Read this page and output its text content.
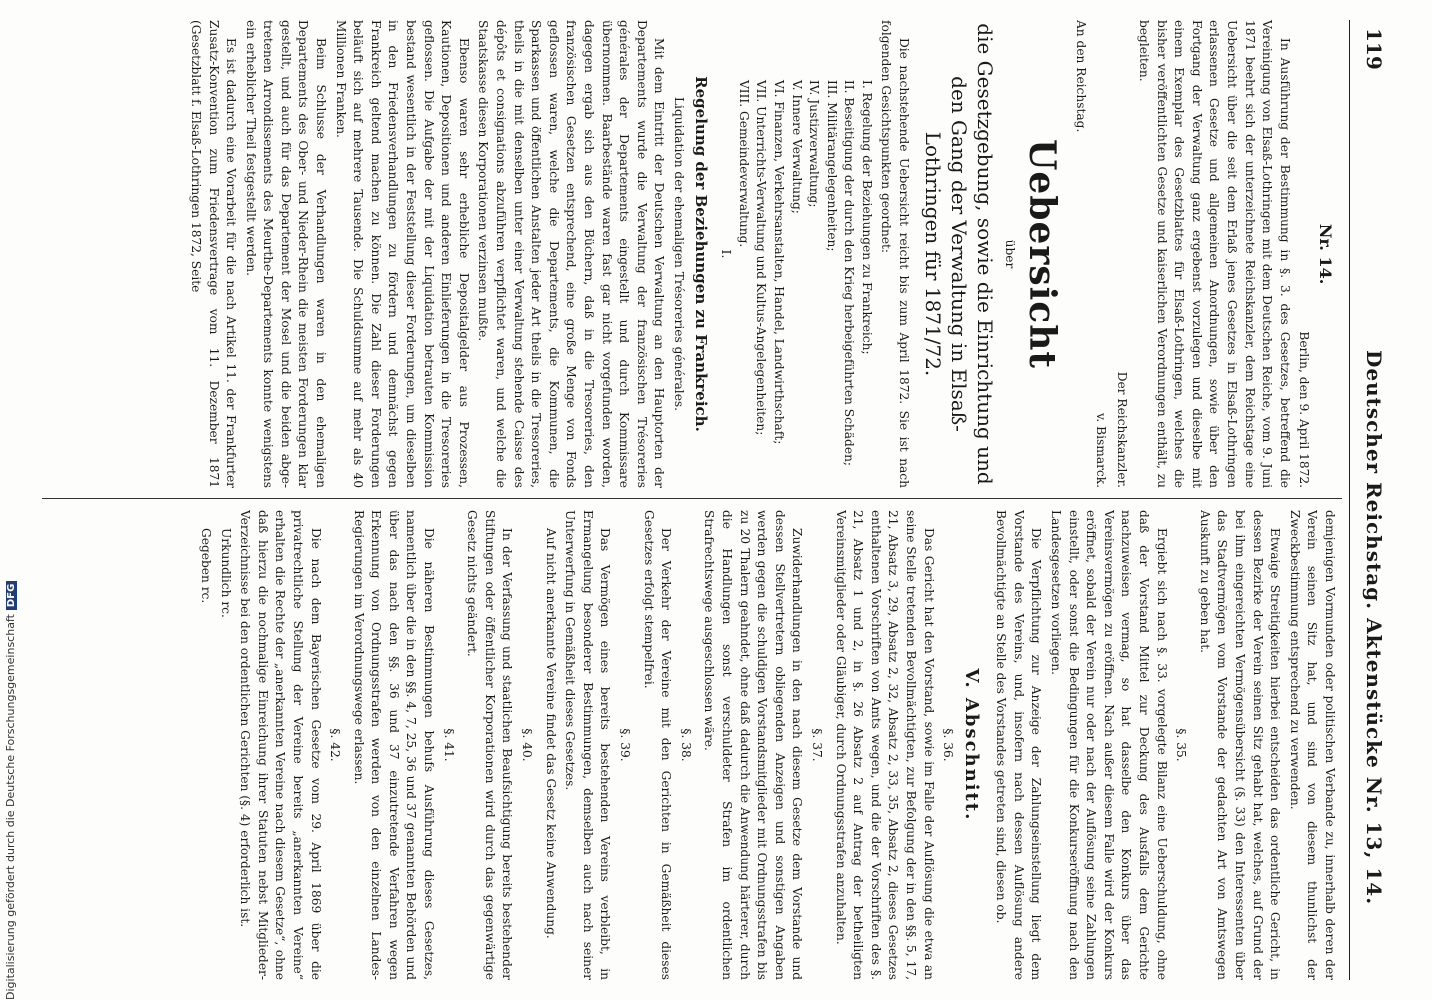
119
Deutscher Reichstag. Aktenstücke Nr. 13, 14.
Nr. 14.

Berlin, den 9. April 1872.

In Ausführung der Bestimmung in §. 3. des Gesetzes, betreffend die Vereinigung von Elsaß-Lothringen mit dem Deutschen Reiche, vom 9. Juni 1871 beehrt sich der unterzeichnete Reichskanzler, dem Reichstage eine Uebersicht über die seit dem Erlaß jenes Gesetzes in Elsaß-Lothringen erlassenen Gesetze und allgemeinen Anordnungen, sowie über den Fortgang der Verwaltung ganz ergebenst vorzulegen und dieselbe mit einem Exemplar des Gesetzblattes für Elsaß-Lothringen, welches die bisher veröffentlichten Gesetze und kaiserlichen Verordnungen enthält, zu begleiten.

Der Reichskanzler.

v. Bismarck.

An den Reichstag.

Uebersicht
über
die Gesetzgebung, sowie die Einrichtung und den Gang der Verwaltung in Elsaß-Lothringen für 1871/72.

Die nachstehende Uebersicht reicht bis zum April 1872. Sie ist nach folgenden Gesichtspunkten geordnet:

I. Regelung der Beziehungen zu Frankreich;
II. Beseitigung der durch den Krieg herbeigeführten Schäden;
III. Militärangelegenheiten;
IV. Justizverwaltung;
V. Innere Verwaltung;
VI. Finanzen, Verkehrsanstalten, Handel, Landwirthschaft;
VII. Unterrichts-Verwaltung und Kultus-Angelegenheiten;
VIII. Gemeindeverwaltung.
I.
Regelung der Beziehungen zu Frankreich.

Liquidation der ehemaligen Trésoreries générales.

Mit dem Eintritt der Deutschen Verwaltung an den Hauptorten der Departements wurde die Verwaltung der französischen Trésoreries générales der Departements eingestellt und durch Kommissare übernommen. Baarbestände waren fast gar nicht vorgefunden worden, dagegen ergab sich aus den Büchern, daß in die Tresoreries, den französischen Gesetzen entsprechend, eine große Menge von Fonds geflossen waren, welche die Departements, die Kommunen, die Sparkassen und öffentlichen Anstalten jeder Art theils in die Tresoreries, theils in die mit denselben unter einer Verwaltung stehende Caisse des dépôts et consignations abzuführen verpflichtet waren, und welche die Staatskasse diesen Korporationen verzinsen mußte.

Ebenso waren sehr erhebliche Depositalgelder aus Prozessen, Kautionen, Depositionen und anderen Einlieferungen in die Tresoreries geflossen. Die Aufgabe der mit der Liquidation betrauten Kommission bestand wesentlich in der Feststellung dieser Forderungen, um dieselben in den Friedensverhandlungen zu fördern und demnächst gegen Frankreich geltend machen zu können. Die Zahl dieser Forderungen beläuft sich auf mehrere Tausende. Die Schuldsumme auf mehr als 40 Millionen Franken.

Beim Schlusse der Verhandlungen waren in den ehemaligen Departements des Ober- und Nieder-Rhein die meisten Forderungen klar gestellt, und auch für das Departement der Mosel und die beiden abgetretenen Arrondissements des Meurthe-Departements konnte wenigstens ein erheblicher Theil festgestellt werden.

Es ist dadurch eine Vorarbeit für die nach Artikel 11. der Frankfurter Zusatz-Konvention zum Friedensvertrage vom 11. Dezember 1871 (Gesetzblatt f. Elsaß-Lothringen 1872, Seite

demjenigen Vormunden oder politischen Verbande zu, innerhalb deren der Verein seinen Sitz hat, und sind von diesem thunlichst der Zweckbestimmung entsprechend zu verwenden.

Etwaige Streitigkeiten hierbei entscheiden das ordentliche Gericht, in dessen Bezirke der Verein seinen Sitz gehabt hat, welches, auf Grund der bei ihm eingereichten Vermögensübersicht (§. 33) den Interessenten über das Stadtvermögen vom Vorstande der gedachten Art von Amtswegen Auskunft zu geben hat.

§. 35.

Ergiebt sich nach §. 33. vorgelegte Bilanz eine Ueberschuldung, ohne daß der Vorstand Mittel zur Deckung des Ausfalls dem Gerichte nachzuweisen vermag, so hat dasselbe den Konkurs über das Vereinsvermögen zu eröffnen. Nach außer diesem Falle wird der Konkurs eröffnet, sobald der Verein nur oder nach der Auflösung seine Zahlungen einstellt, oder sonst die Bedingungen für die Konkurseröffnung nach den Landesgesetzen vorliegen.

Die Verpflichtung zur Anzeige der Zahlungseinstellung liegt dem Vorstande des Vereins, und, insofern nach dessen Auflösung andere Bevollmächtigte an Stelle des Vorstandes getreten sind, diesen ob.

V. Abschnitt.
§. 36.

Das Gericht hat den Vorstand, sowie im Falle der Auflösung die etwa an seine Stelle tretenden Bevollmächtigten, zur Befolgung der in den §§. 5, 17, 21, Absatz 3, 29, Absatz 2, 32, Absatz 2, 33, 35, Absatz 2, dieses Gesetzes enthaltenen Vorschriften von Amts wegen, und die der Vorschriften des §. 21, Absatz 1 und 2, in §. 26 Absatz 2 auf Antrag der betheiligten Vereinsmitglieder oder Gläubiger, durch Ordnungsstrafen anzuhalten.

§. 37.

Zuwiderhandlungen in den nach diesem Gesetze dem Vorstande und dessen Stellvertretern obliegenden Anzeigen und sonstigen Angaben werden gegen die schuldigen Vorstandsmitglieder mit Ordnungsstrafen bis zu 20 Thalern geahndet, ohne daß dadurch die Anwendung härterer, durch die Handlungen sonst verschuldeter Strafen im ordentlichen Strafrechtswege ausgeschlossen wäre.

§. 38.

Der Verkehr der Vereine mit den Gerichten in Gemäßheit dieses Gesetzes erfolgt stempelfrei.

§. 39.

Das Vermögen eines bereits bestehenden Vereins verbleibt, in Ermangelung besonderer Bestimmungen, demselben auch nach seiner Unterwerfung in Gemäßheit dieses Gesetzes.

Auf nicht anerkannte Vereine findet das Gesetz keine Anwendung.

§. 40.

In der Verfassung und staatlichen Beaufsichtigung bereits bestehender Stiftungen oder öffentlicher Korporationen wird durch das gegenwärtige Gesetz nichts geändert.

§. 41.

Die näheren Bestimmungen behufs Ausführung dieses Gesetzes, namentlich über die in den §§. 4, 7, 25, 36 und 37 genannten Behörden und über das nach den §§. 36 und 37 einzutretende Verfahren wegen Erkennung von Ordnungsstrafen werden von den einzelnen Landes-Regierungen im Verordnungswege erlassen.

§. 42.

Die nach dem Bayerischen Gesetze vom 29. April 1869 über die privatrechtliche Stellung der Vereine bereits „anerkannten Vereine“ erhalten die Rechte der „anerkannten Vereine nach diesem Gesetze“, ohne daß hierzu die nochmalige Einreichung ihrer Statuten nebst Mitglieder-Verzeichnisse bei den ordentlichen Gerichten (§. 4) erforderlich ist.

Urkundlich rc.

Gegeben rc.

Digitalisierung gefördert durch die Deutsche ForschungsgemeinschaftDFG
